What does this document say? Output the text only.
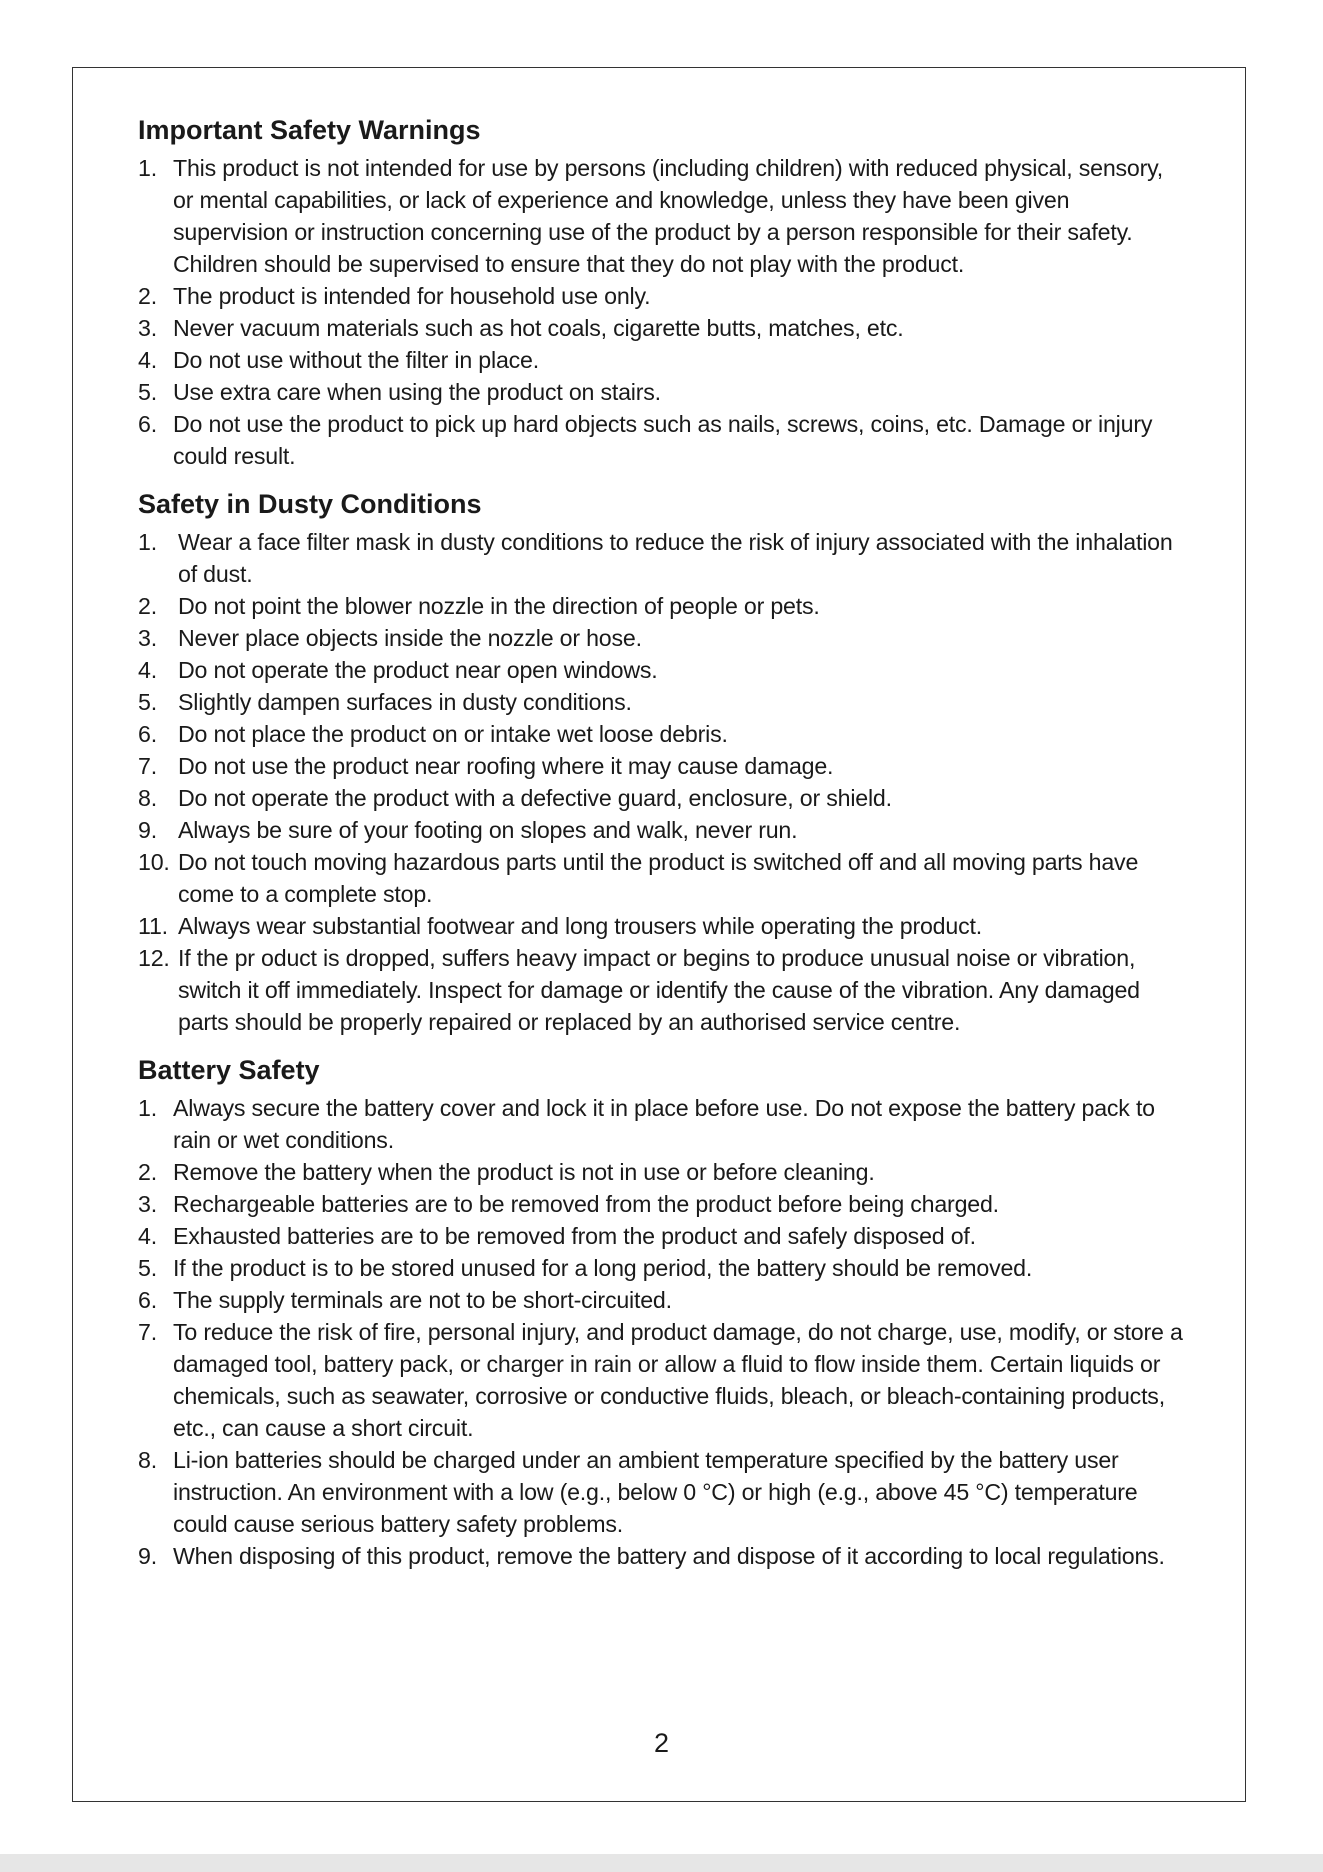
Important Safety Warnings
1. This product is not intended for use by persons (including children) with reduced physical, sensory, or mental capabilities, or lack of experience and knowledge, unless they have been given supervision or instruction concerning use of the product by a person responsible for their safety. Children should be supervised to ensure that they do not play with the product.
2. The product is intended for household use only.
3. Never vacuum materials such as hot coals, cigarette butts, matches, etc.
4. Do not use without the filter in place.
5. Use extra care when using the product on stairs.
6. Do not use the product to pick up hard objects such as nails, screws, coins, etc. Damage or injury could result.
Safety in Dusty Conditions
1. Wear a face filter mask in dusty conditions to reduce the risk of injury associated with the inhalation of dust.
2. Do not point the blower nozzle in the direction of people or pets.
3. Never place objects inside the nozzle or hose.
4. Do not operate the product near open windows.
5. Slightly dampen surfaces in dusty conditions.
6. Do not place the product on or intake wet loose debris.
7. Do not use the product near roofing where it may cause damage.
8. Do not operate the product with a defective guard, enclosure, or shield.
9. Always be sure of your footing on slopes and walk, never run.
10. Do not touch moving hazardous parts until the product is switched off and all moving parts have come to a complete stop.
11. Always wear substantial footwear and long trousers while operating the product.
12. If the pr oduct is dropped, suffers heavy impact or begins to produce unusual noise or vibration, switch it off immediately. Inspect for damage or identify the cause of the vibration. Any damaged parts should be properly repaired or replaced by an authorised service centre.
Battery Safety
1. Always secure the battery cover and lock it in place before use. Do not expose the battery pack to rain or wet conditions.
2. Remove the battery when the product is not in use or before cleaning.
3. Rechargeable batteries are to be removed from the product before being charged.
4. Exhausted batteries are to be removed from the product and safely disposed of.
5. If the product is to be stored unused for a long period, the battery should be removed.
6. The supply terminals are not to be short-circuited.
7. To reduce the risk of fire, personal injury, and product damage, do not charge, use, modify, or store a damaged tool, battery pack, or charger in rain or allow a fluid to flow inside them. Certain liquids or chemicals, such as seawater, corrosive or conductive fluids, bleach, or bleach-containing products, etc., can cause a short circuit.
8. Li-ion batteries should be charged under an ambient temperature specified by the battery user instruction. An environment with a low (e.g., below 0 °C) or high (e.g., above 45 °C) temperature could cause serious battery safety problems.
9. When disposing of this product, remove the battery and dispose of it according to local regulations.
2
